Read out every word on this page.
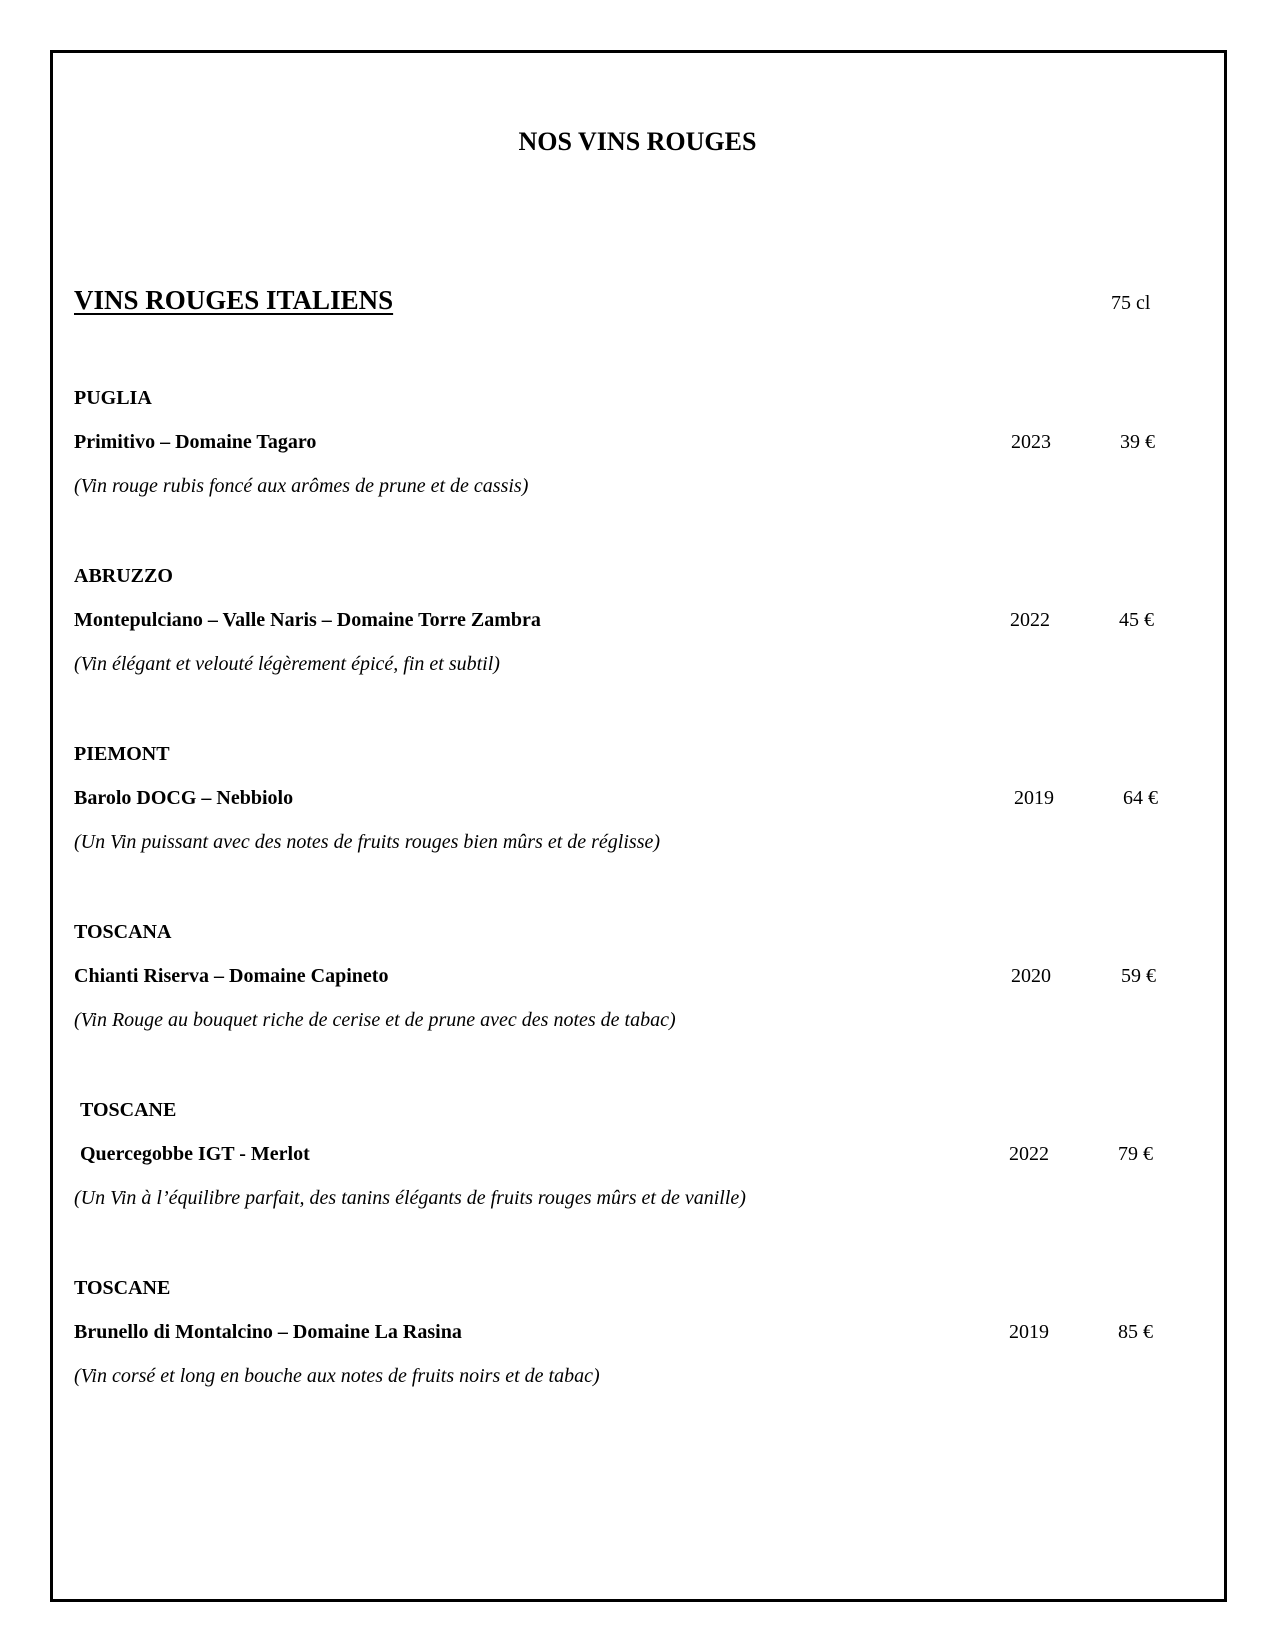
NOS VINS ROUGES
VINS ROUGES ITALIENS	75 cl
PUGLIA
Primitivo – Domaine Tagaro	2023	39 €
(Vin rouge rubis foncé aux arômes de prune et de cassis)
ABRUZZO
Montepulciano – Valle Naris – Domaine Torre Zambra	2022	45 €
(Vin élégant et velouté légèrement épicé, fin et subtil)
PIEMONT
Barolo DOCG – Nebbiolo	2019	64 €
(Un Vin puissant avec des notes de fruits rouges bien mûrs et de réglisse)
TOSCANA
Chianti Riserva – Domaine Capineto	2020	59 €
(Vin Rouge au bouquet riche de cerise et de prune avec des notes de tabac)
TOSCANE
Quercegobbe IGT - Merlot	2022	79 €
(Un Vin à l’équilibre parfait, des tanins élégants de fruits rouges mûrs et de vanille)
TOSCANE
Brunello di Montalcino – Domaine La Rasina	2019	85 €
(Vin corsé et long en bouche aux notes de fruits noirs et de tabac)
